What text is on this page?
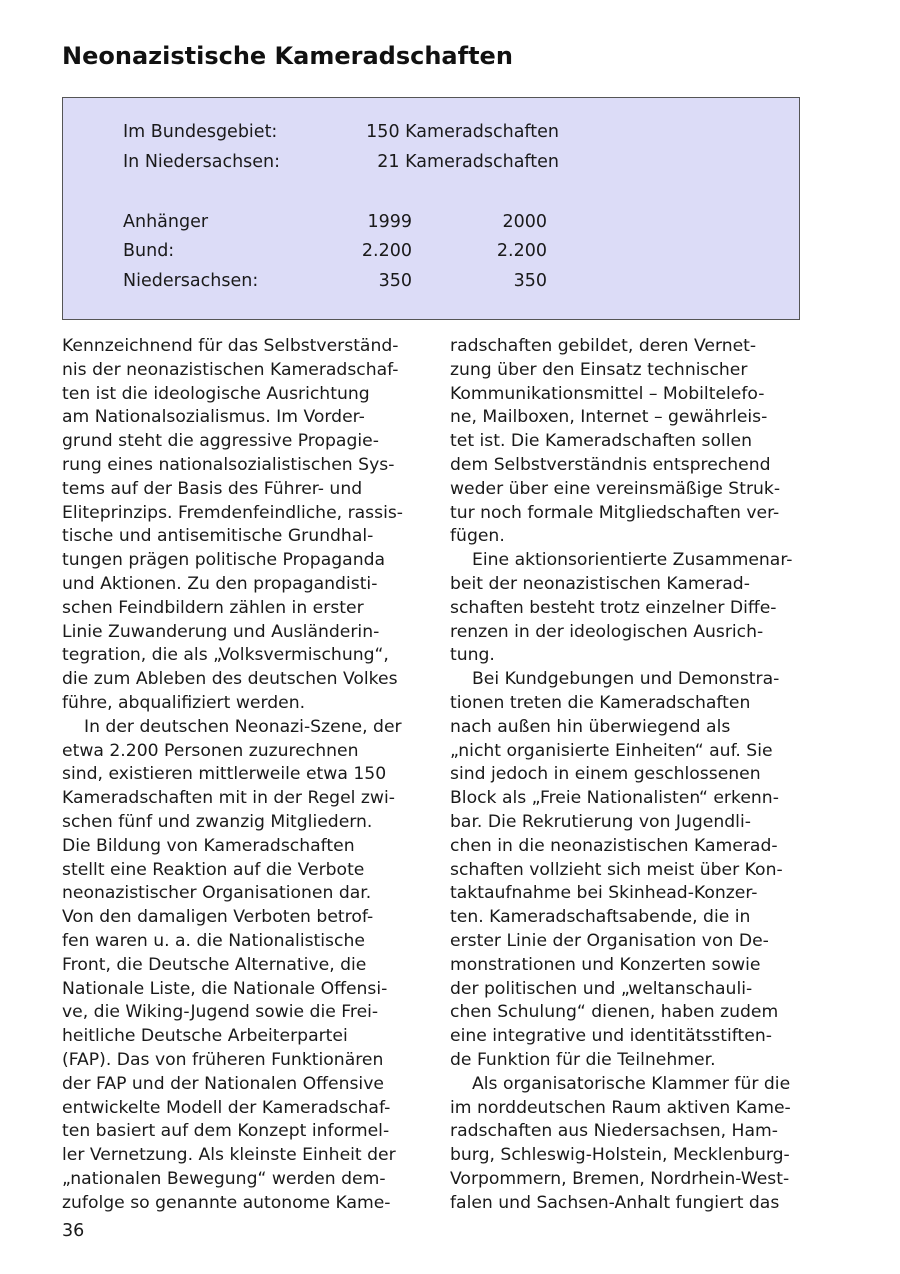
Neonazistische Kameradschaften
Im Bundesgebiet:	150 Kameradschaften
In Niedersachsen:	21 Kameradschaften
Anhänger	1999	2000
Bund:	2.200	2.200
Niedersachsen:	350	350

Kennzeichnend für das Selbstverständ-

nis der neonazistischen Kameradschaf-

ten ist die ideologische Ausrichtung

am Nationalsozialismus. Im Vorder-

grund steht die aggressive Propagie-

rung eines nationalsozialistischen Sys-

tems auf der Basis des Führer- und

Eliteprinzips. Fremdenfeindliche, rassis-

tische und antisemitische Grundhal-

tungen prägen politische Propaganda

und Aktionen. Zu den propagandisti-

schen Feindbildern zählen in erster

Linie Zuwanderung und Ausländerin-

tegration, die als „Volksvermischung“,

die zum Ableben des deutschen Volkes

führe, abqualifiziert werden.

In der deutschen Neonazi-Szene, der

etwa 2.200 Personen zuzurechnen

sind, existieren mittlerweile etwa 150

Kameradschaften mit in der Regel zwi-

schen fünf und zwanzig Mitgliedern.

Die Bildung von Kameradschaften

stellt eine Reaktion auf die Verbote

neonazistischer Organisationen dar.

Von den damaligen Verboten betrof-

fen waren u. a. die Nationalistische

Front, die Deutsche Alternative, die

Nationale Liste, die Nationale Offensi-

ve, die Wiking-Jugend sowie die Frei-

heitliche Deutsche Arbeiterpartei

(FAP). Das von früheren Funktionären

der FAP und der Nationalen Offensive

entwickelte Modell der Kameradschaf-

ten basiert auf dem Konzept informel-

ler Vernetzung. Als kleinste Einheit der

„nationalen Bewegung“ werden dem-

zufolge so genannte autonome Kame-

radschaften gebildet, deren Vernet-

zung über den Einsatz technischer

Kommunikationsmittel – Mobiltelefo-

ne, Mailboxen, Internet – gewährleis-

tet ist. Die Kameradschaften sollen

dem Selbstverständnis entsprechend

weder über eine vereinsmäßige Struk-

tur noch formale Mitgliedschaften ver-

fügen.

Eine aktionsorientierte Zusammenar-

beit der neonazistischen Kamerad-

schaften besteht trotz einzelner Diffe-

renzen in der ideologischen Ausrich-

tung.

Bei Kundgebungen und Demonstra-

tionen treten die Kameradschaften

nach außen hin überwiegend als

„nicht organisierte Einheiten“ auf. Sie

sind jedoch in einem geschlossenen

Block als „Freie Nationalisten“ erkenn-

bar. Die Rekrutierung von Jugendli-

chen in die neonazistischen Kamerad-

schaften vollzieht sich meist über Kon-

taktaufnahme bei Skinhead-Konzer-

ten. Kameradschaftsabende, die in

erster Linie der Organisation von De-

monstrationen und Konzerten sowie

der politischen und „weltanschauli-

chen Schulung“ dienen, haben zudem

eine integrative und identitätsstiften-

de Funktion für die Teilnehmer.

Als organisatorische Klammer für die

im norddeutschen Raum aktiven Kame-

radschaften aus Niedersachsen, Ham-

burg, Schleswig-Holstein, Mecklenburg-

Vorpommern, Bremen, Nordrhein-West-

falen und Sachsen-Anhalt fungiert das

36
